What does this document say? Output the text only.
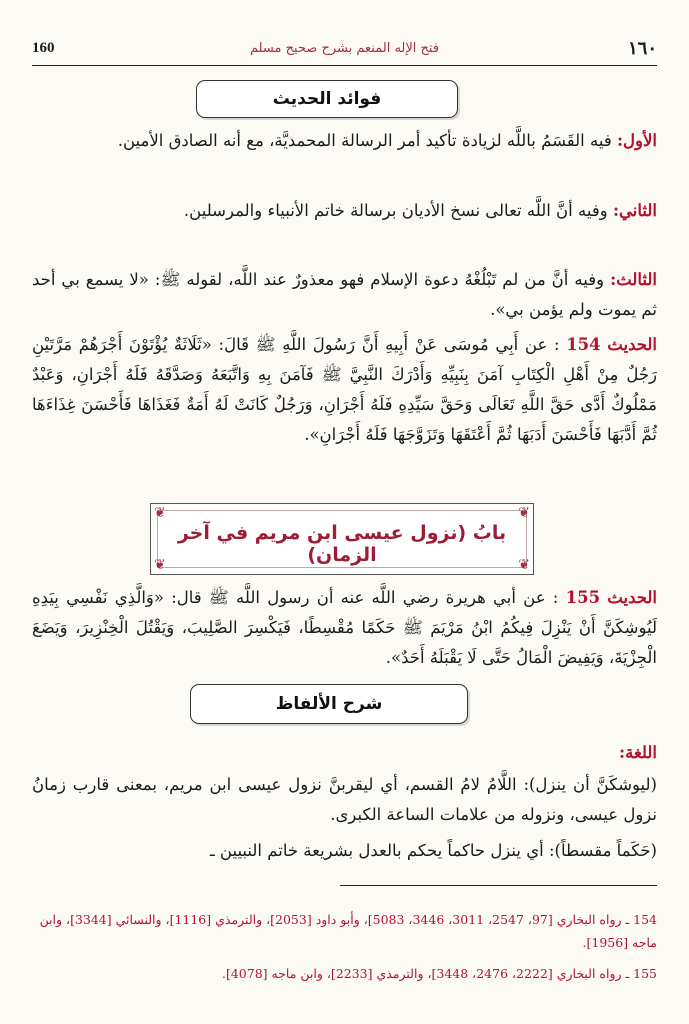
160	فتح الإله المنعم بشرح صحيح مسلم	١٦٠
فوائد الحديث
الأول: فيه القَسَمُ باللَّه لزيادة تأكيد أمر الرسالة المحمديَّة، مع أنه الصادق الأمين.
الثاني: وفيه أنَّ اللَّه تعالى نسخ الأديان برسالة خاتم الأنبياء والمرسلين.
الثالث: وفيه أنَّ من لم تَبْلُغْهُ دعوة الإسلام فهو معذورٌ عند اللَّه، لقوله ﷺ: «لا يسمع بي أحد ثم يموت ولم يؤمن بي».
الحديث 154 : عن أَبِي مُوسَى عَنْ أَبِيهِ أَنَّ رَسُولَ اللَّهِ ﷺ قَالَ: «ثَلَاثَةٌ يُؤْتَوْنَ أَجْرَهُمْ مَرَّتَيْنِ رَجُلٌ مِنْ أَهْلِ الْكِتَابِ آمَنَ بِنَبِيِّهِ وَأَدْرَكَ النَّبِيَّ ﷺ فَآمَنَ بِهِ وَاتَّبَعَهُ وَصَدَّقَهُ فَلَهُ أَجْرَانِ، وَعَبْدٌ مَمْلُوكٌ أَدَّى حَقَّ اللَّهِ تَعَالَى وَحَقَّ سَيِّدِهِ فَلَهُ أَجْرَانِ، وَرَجُلٌ كَانَتْ لَهُ أَمَةٌ فَغَذَاهَا فَأَحْسَنَ غِذَاءَهَا ثُمَّ أَدَّبَهَا فَأَحْسَنَ أَدَبَهَا ثُمَّ أَعْتَقَهَا وَتَزَوَّجَهَا فَلَهُ أَجْرَانِ».
❦	❦
❦	❦
بابُ (نزول عيسى ابن مريم في آخر الزمان)
الحديث 155 : عن أبي هريرة رضي اللَّه عنه أن رسول اللَّه ﷺ قال: «وَالَّذِي نَفْسِي بِيَدِهِ لَيُوشِكَنَّ أَنْ يَنْزِلَ فِيكُمُ ابْنُ مَرْيَمَ ﷺ حَكَمًا مُقْسِطًا، فَيَكْسِرَ الصَّلِيبَ، وَيَقْتُلَ الْخِنْزِيرَ، وَيَضَعَ الْجِزْيَةَ، وَيَفِيضَ الْمَالُ حَتَّى لَا يَقْبَلَهُ أَحَدٌ».
شرح الألفاظ
اللغة:
(ليوشكَنَّ أن ينزل): اللَّامُ لامُ القسم، أي ليقربنَّ نزول عيسى ابن مريم، بمعنى قارب زمانُ نزول عيسى، ونزوله من علامات الساعة الكبرى.
(حَكَماً مقسطاً): أي ينزل حاكماً يحكم بالعدل بشريعة خاتم النبيين ـ
154 ـ رواه البخاري [97، 2547، 3011، 3446، 5083]، وأبو داود [2053]، والترمذي [1116]، والنسائي [3344]، وابن ماجه [1956].
155 ـ رواه البخاري [2222، 2476، 3448]، والترمذي [2233]، وابن ماجه [4078].
